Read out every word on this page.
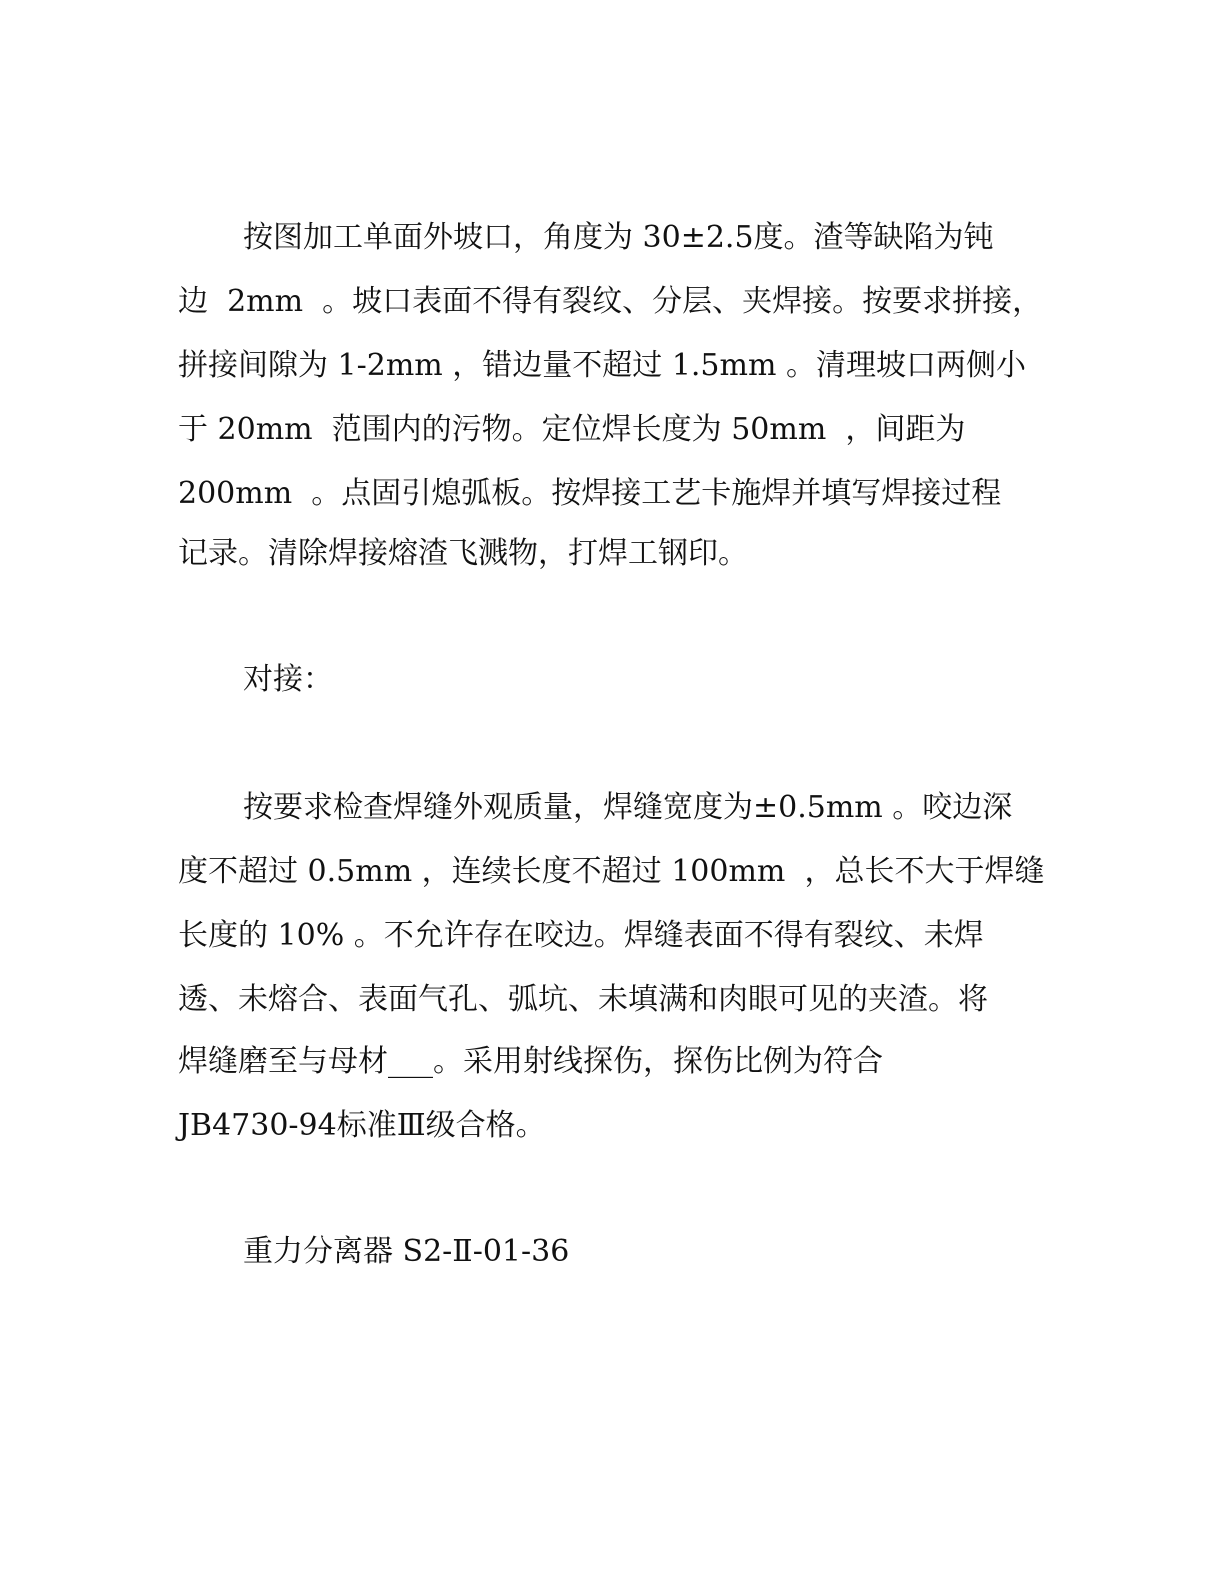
按图加工单面外坡口，角度为 30±2.5度。渣等缺陷为钝
边  2mm  。坡口表面不得有裂纹、分层、夹焊接。按要求拼接，
拼接间隙为 1-2mm ，错边量不超过 1.5mm 。清理坡口两侧小
于 20mm  范围内的污物。定位焊长度为 50mm  ，间距为
200mm  。点固引熄弧板。按焊接工艺卡施焊并填写焊接过程
记录。清除焊接熔渣飞溅物，打焊工钢印。
对接：
按要求检查焊缝外观质量，焊缝宽度为±0.5mm 。咬边深
度不超过 0.5mm ，连续长度不超过 100mm  ，总长不大于焊缝
长度的 10% 。不允许存在咬边。焊缝表面不得有裂纹、未焊
透、未熔合、表面气孔、弧坑、未填满和肉眼可见的夹渣。将
焊缝磨至与母材___。采用射线探伤，探伤比例为符合
JB4730-94标准Ⅲ级合格。
重力分离器 S2-Ⅱ-01-36
